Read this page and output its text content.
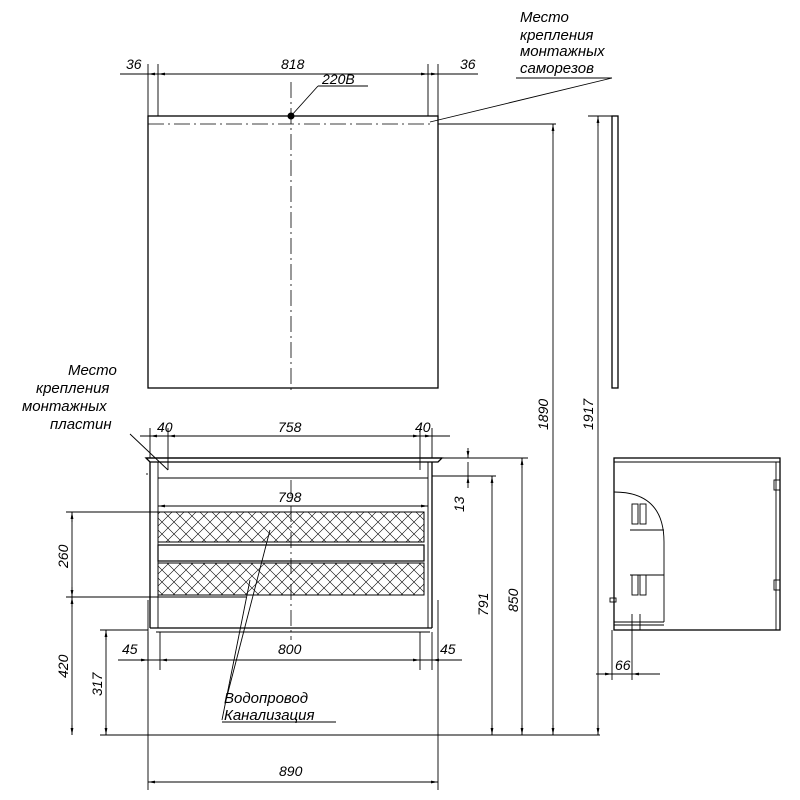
220В
36	818	36
Место
крепления
монтажных
саморезов
1890 1917
40	758	40
Место
крепления
монтажных
пластин
798	13
791 850
260
420
317
45	800	45
Водопровод
Канализация
890
66
